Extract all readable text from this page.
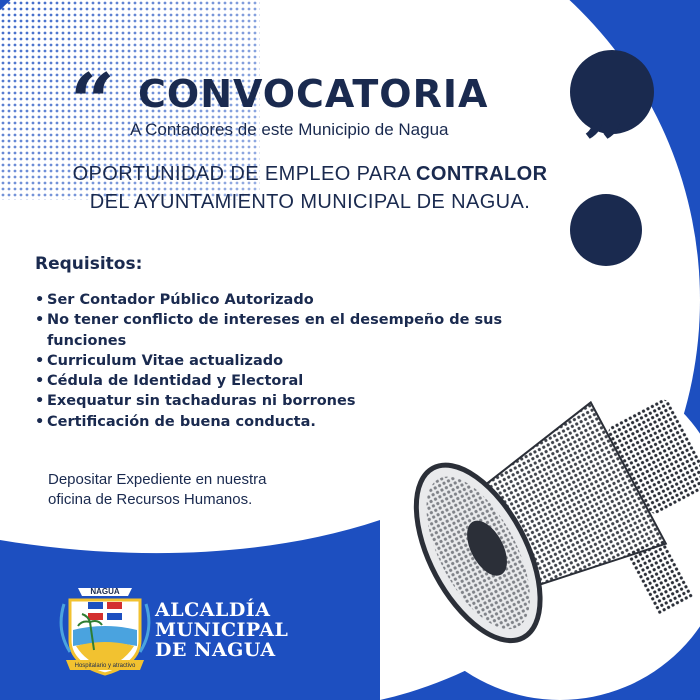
“ CONVOCATORIA
A Contadores de este Municipio de Nagua	”
OPORTUNIDAD DE EMPLEO PARA CONTRALOR
DEL AYUNTAMIENTO MUNICIPAL DE NAGUA.
Requisitos:
• Ser Contador Público Autorizado
• No tener conflicto de intereses en el desempeño de sus funciones
• Curriculum Vitae actualizado
• Cédula de Identidad y Electoral
• Exequatur sin tachaduras ni borrones
• Certificación de buena conducta.
Depositar Expediente en nuestra
oficina de Recursos Humanos.
NAGUA
Hospitalario y atractivo
ALCALDÍA
MUNICIPAL
DE NAGUA
